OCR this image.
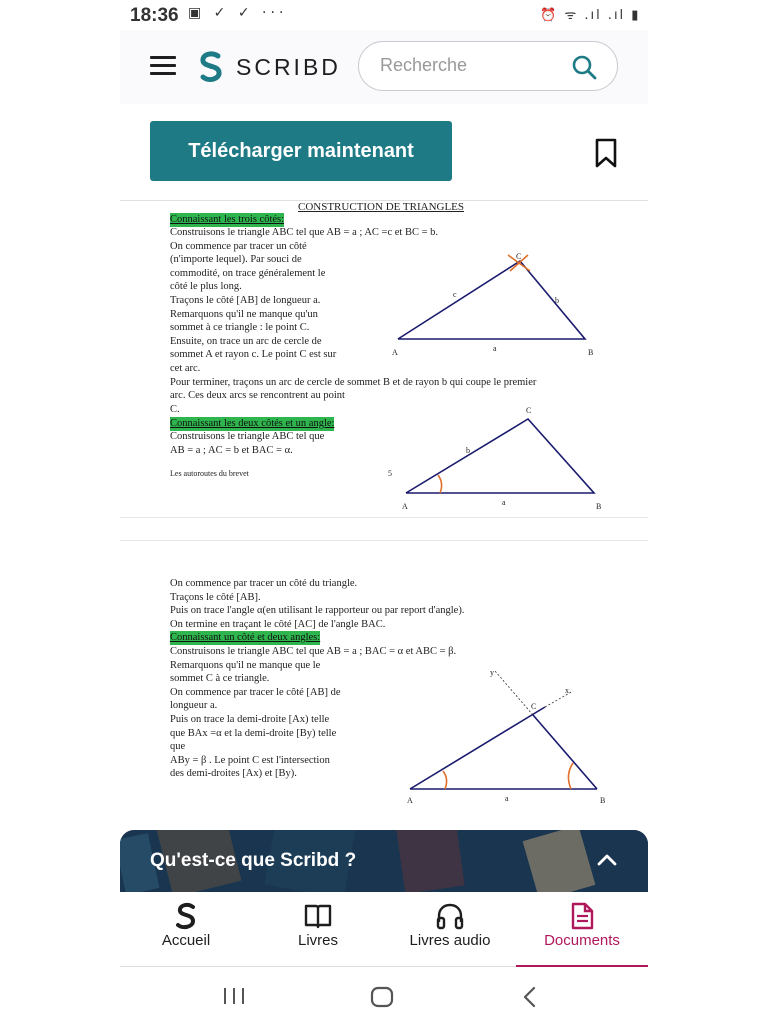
18:36 ▣ ✓ ✓ ···	⏰ ᯤ .ıl .ıl ▮
SCRIBD Recherche
Télécharger maintenant
CONSTRUCTION DE TRIANGLES
Connaissant les trois côtés:
Construisons le triangle ABC tel que AB = a ; AC =c et BC = b.
On commence par tracer un côté
(n'importe lequel). Par souci de
commodité, on trace généralement le
côté le plus long.
Traçons le côté [AB] de longueur a.
Remarquons qu'il ne manque qu'un
sommet à ce triangle : le point C.
Ensuite, on trace un arc de cercle de
sommet A et rayon c. Le point C est sur
cet arc.
Pour terminer, traçons un arc de cercle de sommet B et de rayon b qui coupe le premier
arc. Ces deux arcs se rencontrent au point
C.
Connaissant les deux côtés et un angle:
Construisons le triangle ABC tel que
AB = a ; AC = b et BAC = α.
Les autoroutes du brevet	5
A	B
C
a
b
c
A	B
C
a
b
On commence par tracer un côté du triangle.
Traçons le côté [AB].
Puis on trace l'angle α(en utilisant le rapporteur ou par report d'angle).
On termine en traçant le côté [AC] de l'angle BAC.
Connaissant un côté et deux angles:
Construisons le triangle ABC tel que AB = a ; BAC = α et ABC = β.
Remarquons qu'il ne manque que le
sommet C à ce triangle.
On commence par tracer le côté [AB] de
longueur a.
Puis on trace la demi-droite [Ax) telle
que BAx =α et la demi-droite [By) telle
que
ABy = β . Le point C est l'intersection
des demi-droites [Ax) et [By).
A	B
C
a
x
y
Qu'est-ce que Scribd ?
Accueil	Livres	Livres audio	Documents
